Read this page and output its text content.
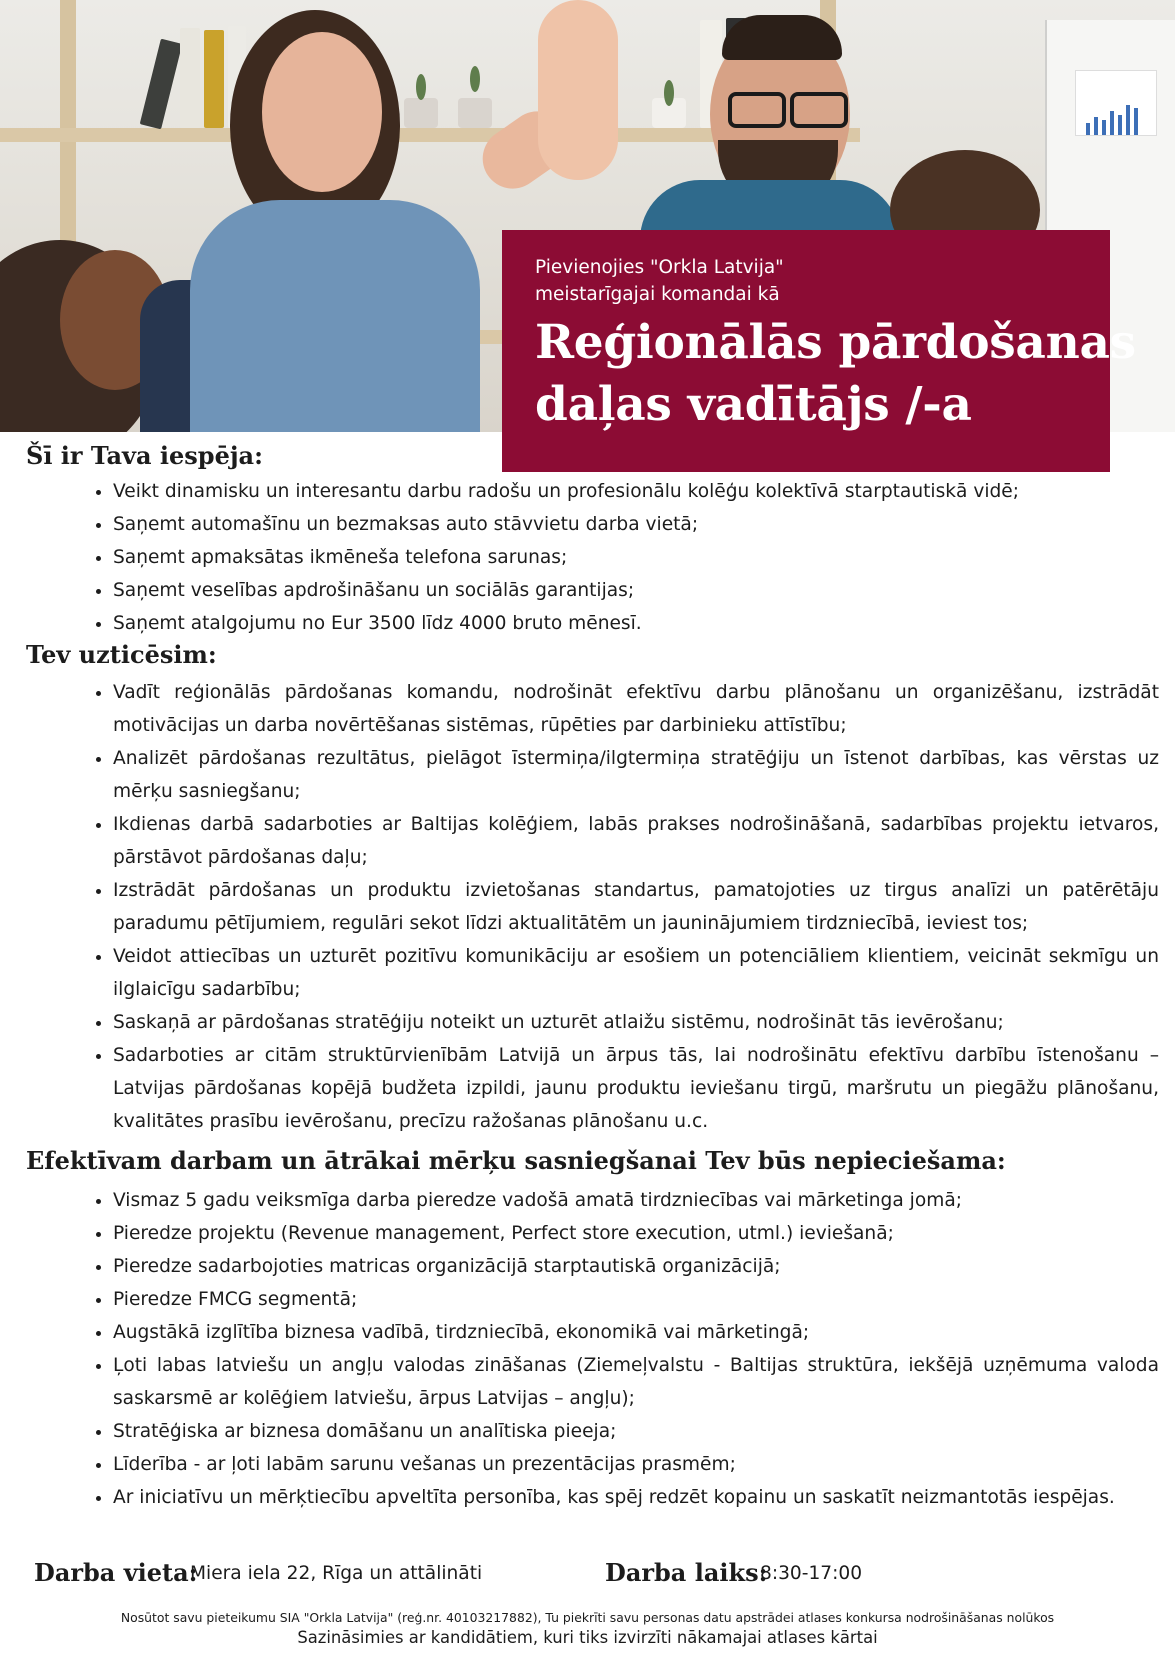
Pievienojies "Orkla Latvija"
meistarīgajai komandai kā
Reģionālās pārdošanas
daļas vadītājs /-a
Šī ir Tava iespēja:
• Veikt dinamisku un interesantu darbu radošu un profesionālu kolēģu kolektīvā starptautiskā vidē;
• Saņemt automašīnu un bezmaksas auto stāvvietu darba vietā;
• Saņemt apmaksātas ikmēneša telefona sarunas;
• Saņemt veselības apdrošināšanu un sociālās garantijas;
• Saņemt atalgojumu no Eur 3500 līdz 4000 bruto mēnesī.
Tev uzticēsim:
• Vadīt reģionālās pārdošanas komandu, nodrošināt efektīvu darbu plānošanu un organizēšanu, izstrādāt motivācijas un darba novērtēšanas sistēmas, rūpēties par darbinieku attīstību;
• Analizēt pārdošanas rezultātus, pielāgot īstermiņa/ilgtermiņa stratēģiju un īstenot darbības, kas vērstas uz mērķu sasniegšanu;
• Ikdienas darbā sadarboties ar Baltijas kolēģiem, labās prakses nodrošināšanā, sadarbības projektu ietvaros, pārstāvot pārdošanas daļu;
• Izstrādāt pārdošanas un produktu izvietošanas standartus, pamatojoties uz tirgus analīzi un patērētāju paradumu pētījumiem, regulāri sekot līdzi aktualitātēm un jauninājumiem tirdzniecībā, ieviest tos;
• Veidot attiecības un uzturēt pozitīvu komunikāciju ar esošiem un potenciāliem klientiem, veicināt sekmīgu un ilglaicīgu sadarbību;
• Saskaņā ar pārdošanas stratēģiju noteikt un uzturēt atlaižu sistēmu, nodrošināt tās ievērošanu;
• Sadarboties ar citām struktūrvienībām Latvijā un ārpus tās, lai nodrošinātu efektīvu darbību īstenošanu – Latvijas pārdošanas kopējā budžeta izpildi, jaunu produktu ieviešanu tirgū, maršrutu un piegāžu plānošanu, kvalitātes prasību ievērošanu, precīzu ražošanas plānošanu u.c.
Efektīvam darbam un ātrākai mērķu sasniegšanai Tev būs nepieciešama:
• Vismaz 5 gadu veiksmīga darba pieredze vadošā amatā tirdzniecības vai mārketinga jomā;
• Pieredze projektu (Revenue management, Perfect store execution, utml.) ieviešanā;
• Pieredze sadarbojoties matricas organizācijā starptautiskā organizācijā;
• Pieredze FMCG segmentā;
• Augstākā izglītība biznesa vadībā, tirdzniecībā, ekonomikā vai mārketingā;
• Ļoti labas latviešu un angļu valodas zināšanas (Ziemeļvalstu - Baltijas struktūra, iekšējā uzņēmuma valoda saskarsmē ar kolēģiem latviešu, ārpus Latvijas – angļu);
• Stratēģiska ar biznesa domāšanu un analītiska pieeja;
• Līderība - ar ļoti labām sarunu vešanas un prezentācijas prasmēm;
• Ar iniciatīvu un mērķtiecību apveltīta personība, kas spēj redzēt kopainu un saskatīt neizmantotās iespējas.
Darba vieta:
Miera iela 22, Rīga un attālināti	Darba laiks:
8:30-17:00
Nosūtot savu pieteikumu SIA "Orkla Latvija" (reģ.nr. 40103217882), Tu piekrīti savu personas datu apstrādei atlases konkursa nodrošināšanas nolūkos
Sazināsimies ar kandidātiem, kuri tiks izvirzīti nākamajai atlases kārtai
